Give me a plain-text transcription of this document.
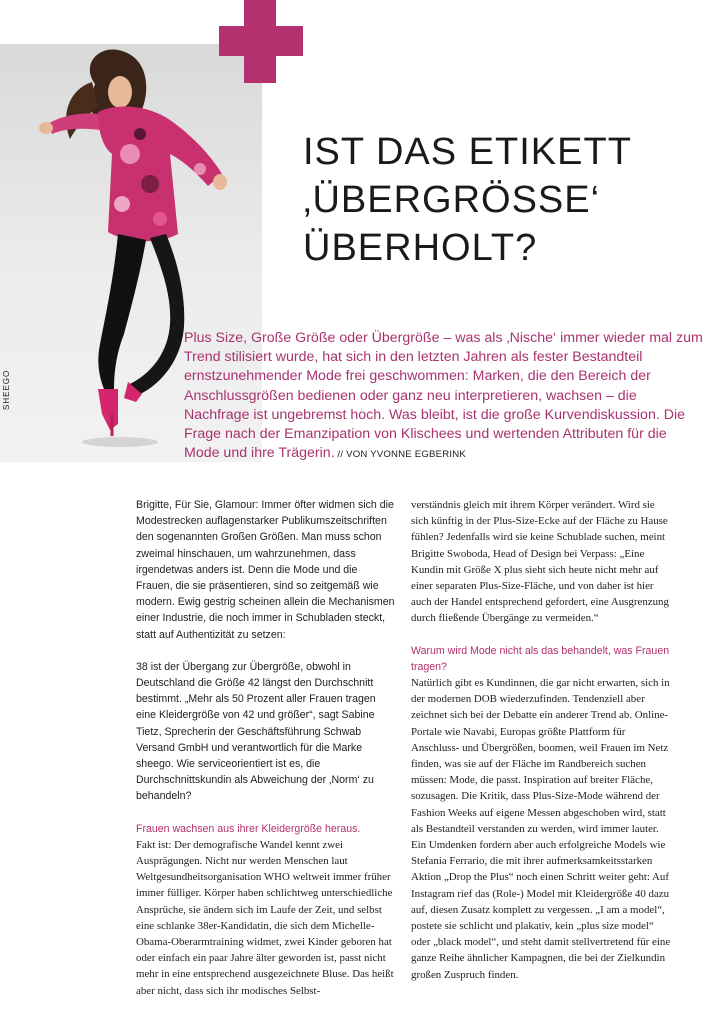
SHEEGO
IST DAS ETIKETT
‚ÜBERGRÖSSE‘
ÜBERHOLT?

Plus Size, Große Größe oder Übergröße – was als ‚Nische‘ immer wieder mal zum Trend stilisiert wurde, hat sich in den letzten Jahren als fester Bestandteil ernstzunehmender Mode frei geschwommen: Marken, die den Bereich der Anschlussgrößen bedienen oder ganz neu interpretieren, wachsen – die Nachfrage ist ungebremst hoch. Was bleibt, ist die große Kurvendiskussion. Die Frage nach der Emanzipation von Klischees und wertenden Attributen für die Mode und ihre Trägerin. // VON YVONNE EGBERINK

Brigitte, Für Sie, Glamour: Immer öfter widmen sich die Modestrecken auflagenstarker Publikumszeitschriften den sogenannten Großen Größen. Man muss schon zweimal hinschauen, um wahrzunehmen, dass irgendetwas anders ist. Denn die Mode und die Frauen, die sie präsentieren, sind so zeitgemäß wie modern. Ewig gestrig scheinen allein die Mechanismen einer Industrie, die noch immer in Schubladen steckt, statt auf Authentizität zu setzen:

38 ist der Übergang zur Übergröße, obwohl in Deutschland die Größe 42 längst den Durchschnitt bestimmt. „Mehr als 50 Prozent aller Frauen tragen eine Kleidergröße von 42 und größer“, sagt Sabine Tietz, Sprecherin der Geschäftsführung Schwab Versand GmbH und verantwortlich für die Marke sheego. Wie serviceorientiert ist es, die Durchschnittskundin als Abweichung der ‚Norm‘ zu behandeln?

Frauen wachsen aus ihrer Kleidergröße heraus.

Fakt ist: Der demografische Wandel kennt zwei Ausprägungen. Nicht nur werden Menschen laut Weltgesundheitsorganisation WHO weltweit immer früher immer fülliger. Körper haben schlichtweg unterschiedliche Ansprüche, sie ändern sich im Laufe der Zeit, und selbst eine schlanke 38er-Kandidatin, die sich dem Michelle-Obama-Oberarmtraining widmet, zwei Kinder geboren hat oder einfach ein paar Jahre älter geworden ist, passt nicht mehr in eine entsprechend ausgezeichnete Bluse. Das heißt aber nicht, dass sich ihr modisches Selbst-

verständnis gleich mit ihrem Körper verändert. Wird sie sich künftig in der Plus-Size-Ecke auf der Fläche zu Hause fühlen? Jedenfalls wird sie keine Schublade suchen, meint Brigitte Swoboda, Head of Design bei Verpass: „Eine Kundin mit Größe X plus sieht sich heute nicht mehr auf einer separaten Plus-Size-Fläche, und von daher ist hier auch der Handel entsprechend gefordert, eine Ausgrenzung durch fließende Übergänge zu vermeiden.“

Warum wird Mode nicht als das behandelt, was Frauen tragen?

Natürlich gibt es Kundinnen, die gar nicht erwarten, sich in der modernen DOB wiederzufinden. Tendenziell aber zeichnet sich bei der Debatte ein anderer Trend ab. Online-Portale wie Navabi, Europas größte Plattform für Anschluss- und Übergrößen, boomen, weil Frauen im Netz finden, was sie auf der Fläche im Randbereich suchen müssen: Mode, die passt. Inspiration auf breiter Fläche, sozusagen. Die Kritik, dass Plus-Size-Mode während der Fashion Weeks auf eigene Messen abgeschoben wird, statt als Bestandteil verstanden zu werden, wird immer lauter. Ein Umdenken fordern aber auch erfolgreiche Models wie Stefania Ferrario, die mit ihrer aufmerksamkeitsstarken Aktion „Drop the Plus“ noch einen Schritt weiter geht: Auf Instagram rief das (Role-) Model mit Kleidergröße 40 dazu auf, diesen Zusatz komplett zu vergessen. „I am a model“, postete sie schlicht und plakativ, kein „plus size model“ oder „black model“, und steht damit stellvertretend für eine ganze Reihe ähnlicher Kampagnen, die bei der Zielkundin großen Zuspruch finden.
